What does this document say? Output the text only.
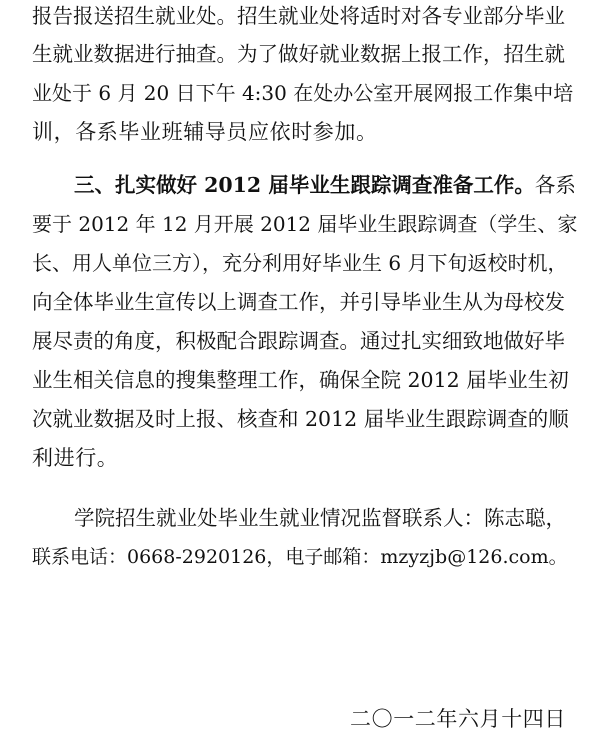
报告报送招生就业处。招生就业处将适时对各专业部分毕业
生就业数据进行抽查。为了做好就业数据上报工作，招生就
业处于 6 月 20 日下午 4:30 在处办公室开展网报工作集中培
训，各系毕业班辅导员应依时参加。
三、扎实做好 2012 届毕业生跟踪调查准备工作。各系
要于 2012 年 12 月开展 2012 届毕业生跟踪调查（学生、家
长、用人单位三方），充分利用好毕业生 6 月下旬返校时机，
向全体毕业生宣传以上调查工作，并引导毕业生从为母校发
展尽责的角度，积极配合跟踪调查。通过扎实细致地做好毕
业生相关信息的搜集整理工作，确保全院 2012 届毕业生初
次就业数据及时上报、核查和 2012 届毕业生跟踪调查的顺
利进行。
学院招生就业处毕业生就业情况监督联系人：陈志聪，
联系电话：0668-2920126，电子邮箱：mzyzjb@126.com。
二〇一二年六月十四日
